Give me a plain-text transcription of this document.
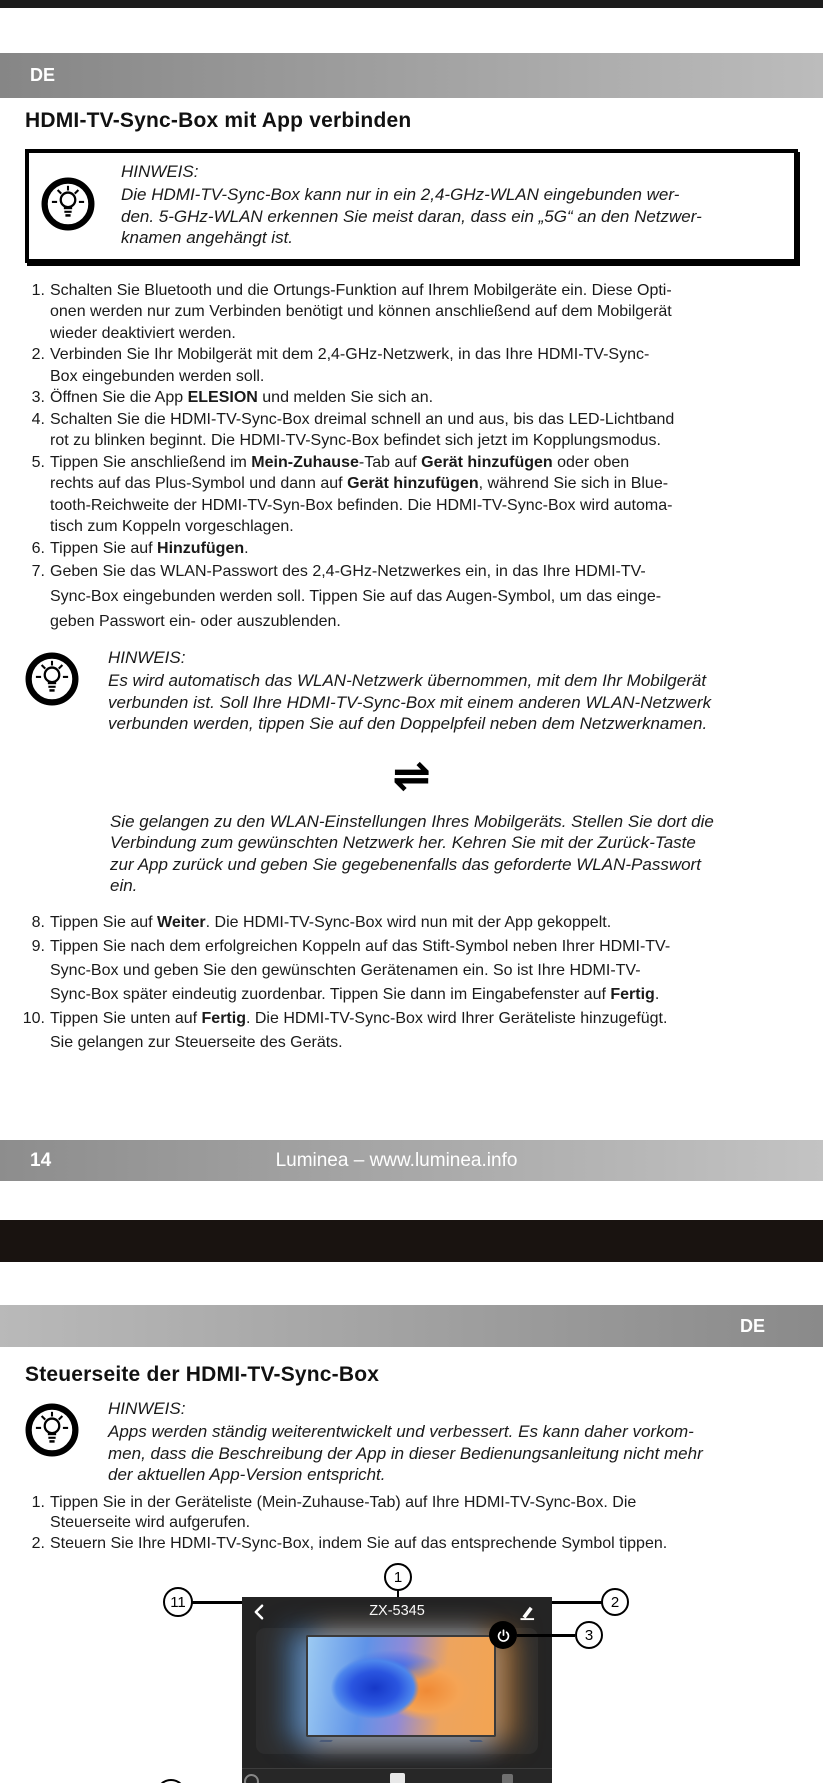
DE
HDMI-TV-Sync-Box mit App verbinden
HINWEIS:
Die HDMI-TV-Sync-Box kann nur in ein 2,4-GHz-WLAN eingebunden wer-
den. 5-GHz-WLAN erkennen Sie meist daran, dass ein „5G“ an den Netzwer-
knamen angehängt ist.
1. Schalten Sie Bluetooth und die Ortungs-Funktion auf Ihrem Mobilgeräte ein. Diese Opti-
onen werden nur zum Verbinden benötigt und können anschließend auf dem Mobilgerät
wieder deaktiviert werden.
2. Verbinden Sie Ihr Mobilgerät mit dem 2,4-GHz-Netzwerk, in das Ihre HDMI-TV-Sync-
Box eingebunden werden soll.
3. Öffnen Sie die App ELESION und melden Sie sich an.
4. Schalten Sie die HDMI-TV-Sync-Box dreimal schnell an und aus, bis das LED-Lichtband
rot zu blinken beginnt. Die HDMI-TV-Sync-Box befindet sich jetzt im Kopplungsmodus.
5. Tippen Sie anschließend im Mein-Zuhause-Tab auf Gerät hinzufügen oder oben
rechts auf das Plus-Symbol und dann auf Gerät hinzufügen, während Sie sich in Blue-
tooth-Reichweite der HDMI-TV-Syn-Box befinden. Die HDMI-TV-Sync-Box wird automa-
tisch zum Koppeln vorgeschlagen.
6. Tippen Sie auf Hinzufügen.
7. Geben Sie das WLAN-Passwort des 2,4-GHz-Netzwerkes ein, in das Ihre HDMI-TV-
Sync-Box eingebunden werden soll. Tippen Sie auf das Augen-Symbol, um das einge-
geben Passwort ein- oder auszublenden.
HINWEIS:
Es wird automatisch das WLAN-Netzwerk übernommen, mit dem Ihr Mobilgerät
verbunden ist. Soll Ihre HDMI-TV-Sync-Box mit einem anderen WLAN-Netzwerk
verbunden werden, tippen Sie auf den Doppelpfeil neben dem Netzwerknamen.
⇌
Sie gelangen zu den WLAN-Einstellungen Ihres Mobilgeräts. Stellen Sie dort die
Verbindung zum gewünschten Netzwerk her. Kehren Sie mit der Zurück-Taste
zur App zurück und geben Sie gegebenenfalls das geforderte WLAN-Passwort
ein.
8. Tippen Sie auf Weiter. Die HDMI-TV-Sync-Box wird nun mit der App gekoppelt.
9. Tippen Sie nach dem erfolgreichen Koppeln auf das Stift-Symbol neben Ihrer HDMI-TV-
Sync-Box und geben Sie den gewünschten Gerätenamen ein. So ist Ihre HDMI-TV-
Sync-Box später eindeutig zuordenbar. Tippen Sie dann im Eingabefenster auf Fertig.
10. Tippen Sie unten auf Fertig. Die HDMI-TV-Sync-Box wird Ihrer Geräteliste hinzugefügt.
Sie gelangen zur Steuerseite des Geräts.
14	Luminea – www.luminea.info
DE
Steuerseite der HDMI-TV-Sync-Box
HINWEIS:
Apps werden ständig weiterentwickelt und verbessert. Es kann daher vorkom-
men, dass die Beschreibung der App in dieser Bedienungsanleitung nicht mehr
der aktuellen App-Version entspricht.
1. Tippen Sie in der Geräteliste (Mein-Zuhause-Tab) auf Ihre HDMI-TV-Sync-Box. Die
Steuerseite wird aufgerufen.
2. Steuern Sie Ihre HDMI-TV-Sync-Box, indem Sie auf das entsprechende Symbol tippen.
1
11	2
ZX-5345
3
